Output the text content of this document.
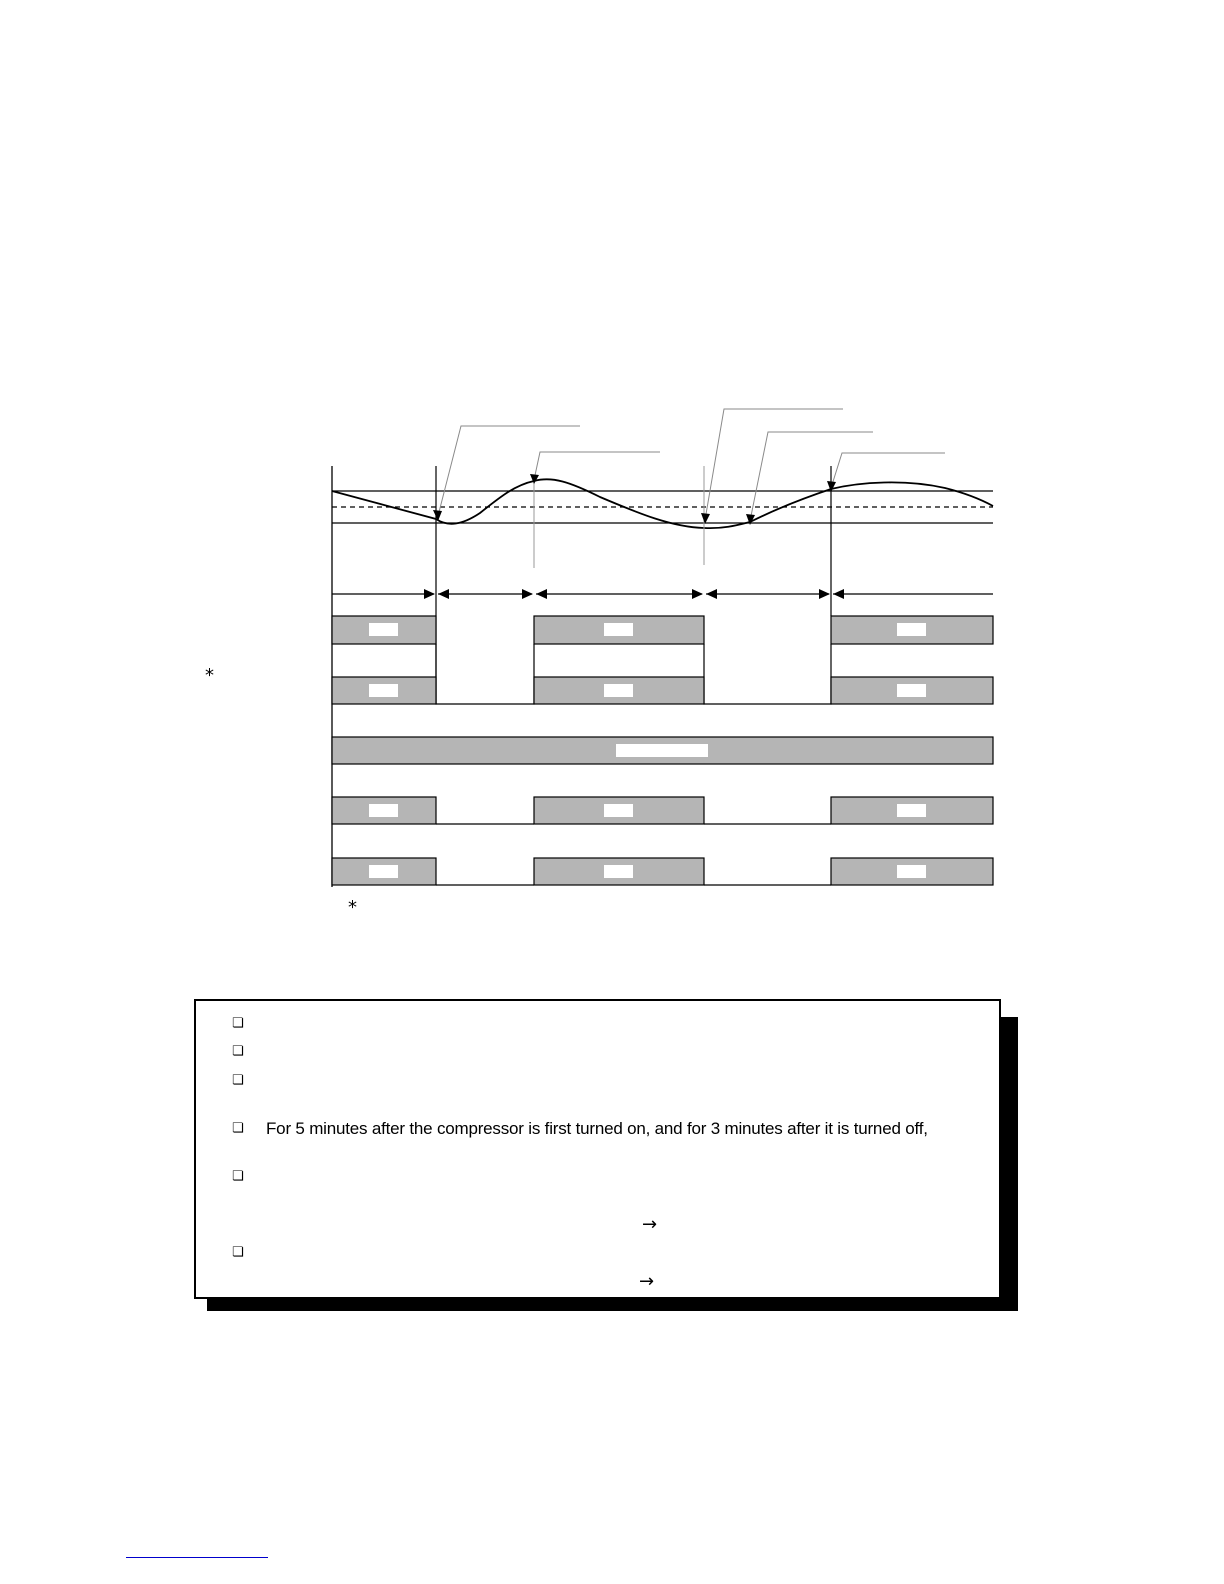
*
*
❏
❏
❏
❏ For 5 minutes after the compressor is first turned on, and for 3 minutes after it is turned off,
❏
→
❏
→
